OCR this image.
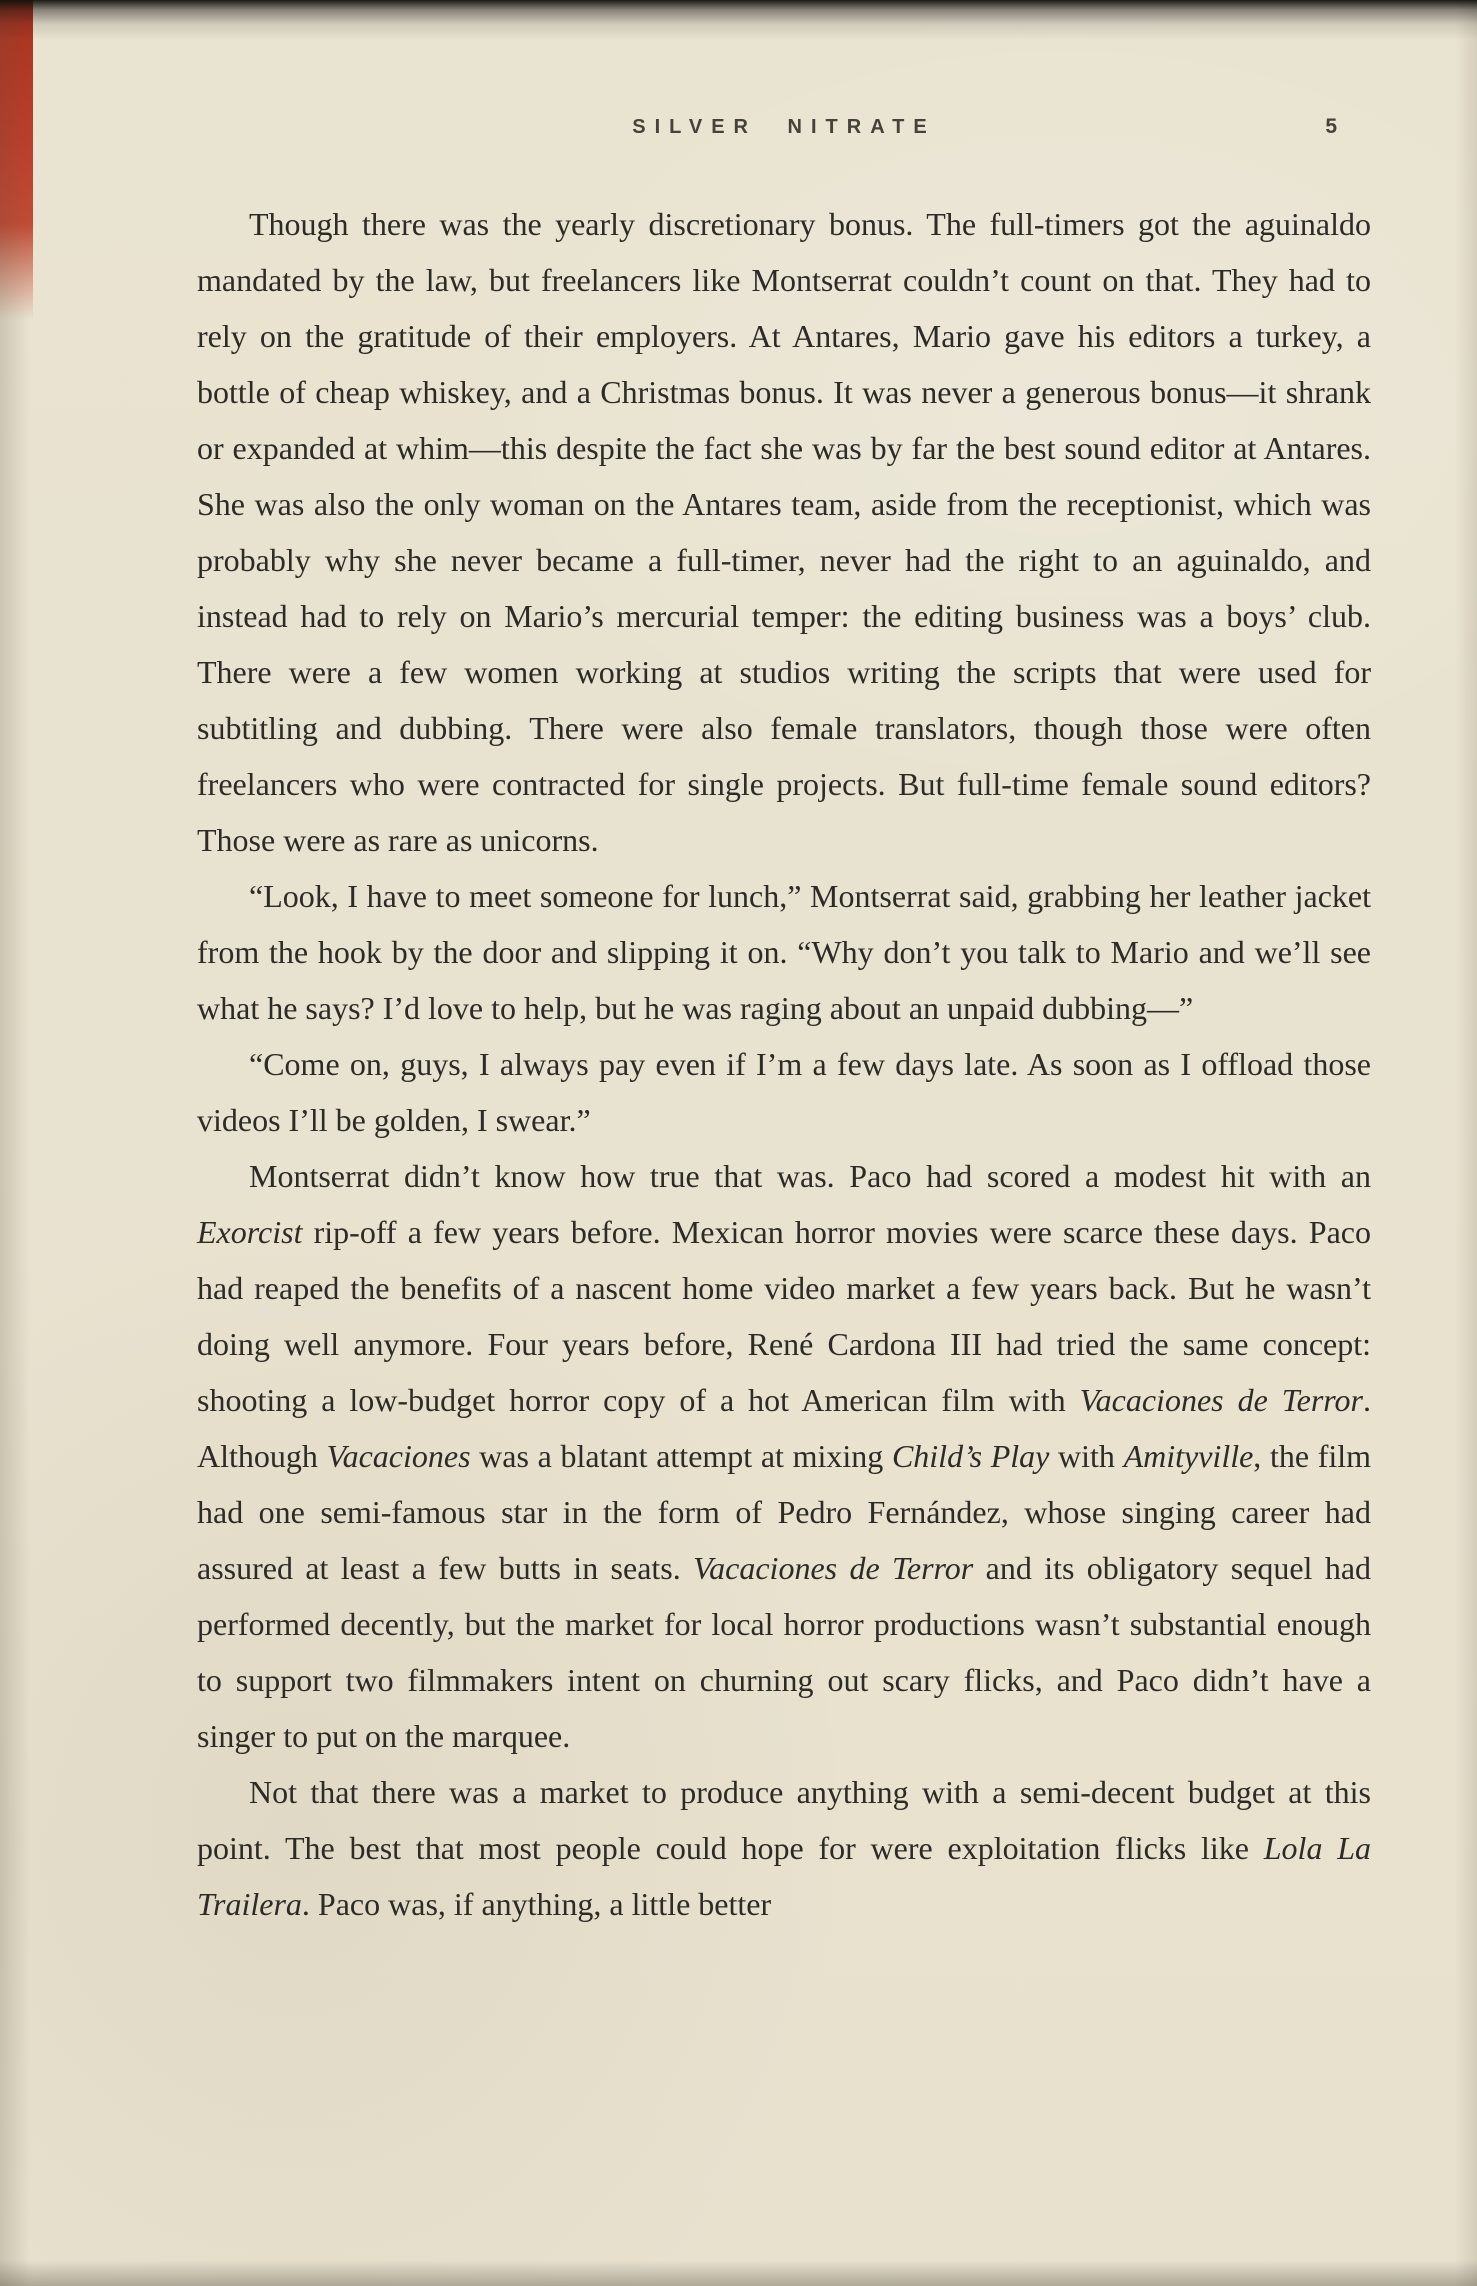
SILVER NITRATE	5

Though there was the yearly discretionary bonus. The full-timers got the aguinaldo mandated by the law, but freelancers like Montserrat couldn’t count on that. They had to rely on the gratitude of their employers. At Antares, Mario gave his editors a turkey, a bottle of cheap whiskey, and a Christmas bonus. It was never a generous bonus—it shrank or expanded at whim—this despite the fact she was by far the best sound editor at Antares. She was also the only woman on the Antares team, aside from the receptionist, which was probably why she never became a full-timer, never had the right to an aguinaldo, and instead had to rely on Mario’s mercurial temper: the editing business was a boys’ club. There were a few women working at studios writing the scripts that were used for subtitling and dubbing. There were also female translators, though those were often freelancers who were contracted for single projects. But full-time female sound editors? Those were as rare as unicorns.

“Look, I have to meet someone for lunch,” Montserrat said, grabbing her leather jacket from the hook by the door and slipping it on. “Why don’t you talk to Mario and we’ll see what he says? I’d love to help, but he was raging about an unpaid dubbing—”

“Come on, guys, I always pay even if I’m a few days late. As soon as I offload those videos I’ll be golden, I swear.”

Montserrat didn’t know how true that was. Paco had scored a modest hit with an Exorcist rip-off a few years before. Mexican horror movies were scarce these days. Paco had reaped the benefits of a nascent home video market a few years back. But he wasn’t doing well anymore. Four years before, René Cardona III had tried the same concept: shooting a low-budget horror copy of a hot American film with Vacaciones de Terror. Although Vacaciones was a blatant attempt at mixing Child’s Play with Amityville, the film had one semi-famous star in the form of Pedro Fernández, whose singing career had assured at least a few butts in seats. Vacaciones de Terror and its obligatory sequel had performed decently, but the market for local horror productions wasn’t substantial enough to support two filmmakers intent on churning out scary flicks, and Paco didn’t have a singer to put on the marquee.

Not that there was a market to produce anything with a semi-decent budget at this point. The best that most people could hope for were exploitation flicks like Lola La Trailera. Paco was, if anything, a little better
